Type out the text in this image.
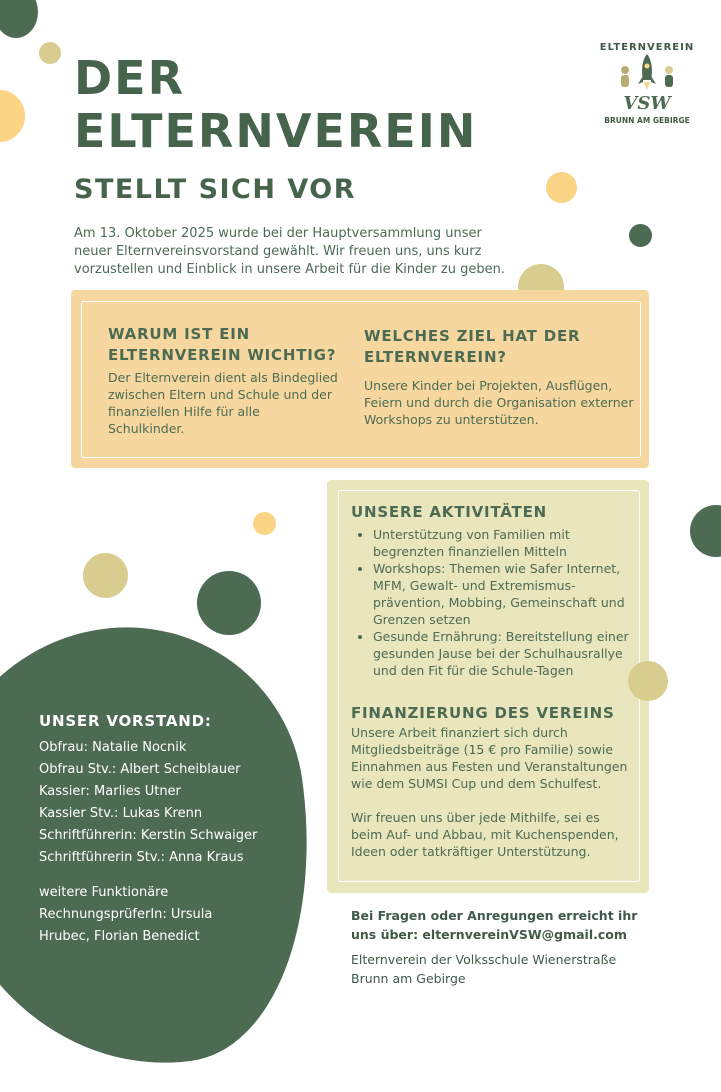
ELTERNVEREIN
VSW
BRUNN AM GEBIRGE
DER
ELTERNVEREIN
STELLT SICH VOR
Am 13. Oktober 2025 wurde bei der Hauptversammlung unser neuer Elternvereinsvorstand gewählt. Wir freuen uns, uns kurz vorzustellen und Einblick in unsere Arbeit für die Kinder zu geben.
WARUM IST EIN
ELTERNVEREIN WICHTIG?
Der Elternverein dient als Bindeglied zwischen Eltern und Schule und der finanziellen Hilfe für alle Schulkinder.
WELCHES ZIEL HAT DER
ELTERNVEREIN?
Unsere Kinder bei Projekten, Ausflügen, Feiern und durch die Organisation externer Workshops zu unterstützen.
UNSERE AKTIVITÄTEN
• Unterstützung von Familien mit begrenzten finanziellen Mitteln
• Workshops: Themen wie Safer Internet, MFM, Gewalt- und Extremismus-prävention, Mobbing, Gemeinschaft und Grenzen setzen
• Gesunde Ernährung: Bereitstellung einer gesunden Jause bei der Schulhausrallye und den Fit für die Schule-Tagen
FINANZIERUNG DES VEREINS
Unsere Arbeit finanziert sich durch Mitgliedsbeiträge (15 € pro Familie) sowie Einnahmen aus Festen und Veranstaltungen wie dem SUMSI Cup und dem Schulfest.
Wir freuen uns über jede Mithilfe, sei es beim Auf- und Abbau, mit Kuchenspenden, Ideen oder tatkräftiger Unterstützung.
UNSER VORSTAND:
Obfrau: Natalie Nocnik
Obfrau Stv.: Albert Scheiblauer
Kassier: Marlies Utner
Kassier Stv.: Lukas Krenn
Schriftführerin: Kerstin Schwaiger
Schriftführerin Stv.: Anna Kraus
weitere Funktionäre
RechnungsprüferIn: Ursula
Hrubec, Florian Benedict
Bei Fragen oder Anregungen erreicht ihr
uns über: elternvereinVSW@gmail.com
Elternverein der Volksschule Wienerstraße
Brunn am Gebirge
